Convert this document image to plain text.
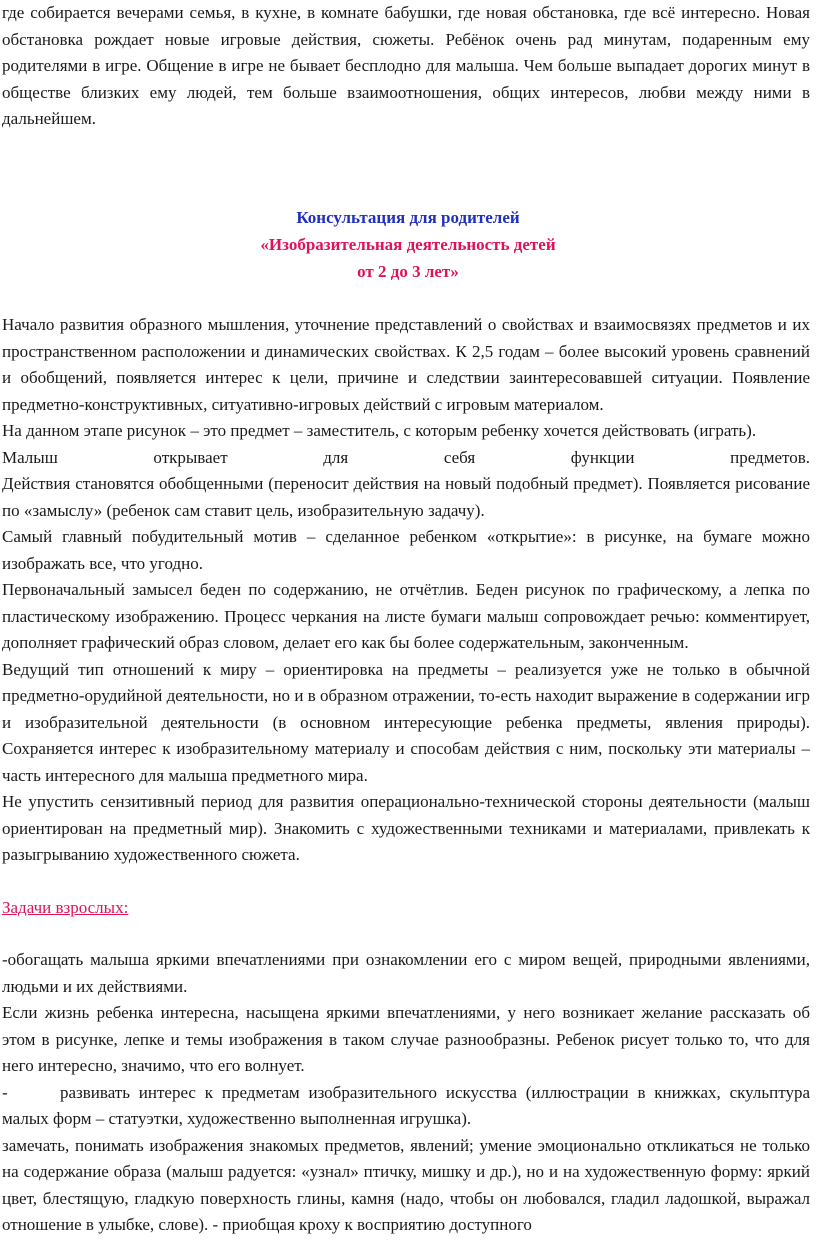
где собирается вечерами семья, в кухне, в комнате бабушки, где новая обстановка, где всё интересно. Новая обстановка рождает новые игровые действия, сюжеты. Ребёнок очень рад минутам, подаренным ему родителями в игре. Общение в игре не бывает бесплодно для малыша. Чем больше выпадает дорогих минут в обществе близких ему людей, тем больше взаимоотношения, общих интересов, любви между ними в дальнейшем.

Консультация для родителей
«Изобразительная деятельность детей
от 2 до 3 лет»

Начало развития образного мышления, уточнение представлений о свойствах и взаимосвязях предметов и их пространственном расположении и динамических свойствах. К 2,5 годам – более высокий уровень сравнений и обобщений, появляется интерес к цели, причине и следствии заинтересовавшей ситуации. Появление предметно-конструктивных, ситуативно-игровых действий с игровым материалом.

На данном этапе рисунок – это предмет – заместитель, с которым ребенку хочется действовать (играть).

Малыш	открывает	для	себя	функции	предметов.

Действия становятся обобщенными (переносит действия на новый подобный предмет). Появляется рисование по «замыслу» (ребенок сам ставит цель, изобразительную задачу).

Самый главный побудительный мотив – сделанное ребенком «открытие»: в рисунке, на бумаге можно изображать все, что угодно.

Первоначальный замысел беден по содержанию, не отчётлив. Беден рисунок по графическому, а лепка по пластическому изображению. Процесс черкания на листе бумаги малыш сопровождает речью: комментирует, дополняет графический образ словом, делает его как бы более содержательным, законченным.

Ведущий тип отношений к миру – ориентировка на предметы – реализуется уже не только в обычной предметно-орудийной деятельности, но и в образном отражении, то-есть находит выражение в содержании игр и изобразительной деятельности (в основном интересующие ребенка предметы, явления природы). Сохраняется интерес к изобразительному материалу и способам действия с ним, поскольку эти материалы – часть интересного для малыша предметного мира.

Не упустить сензитивный период для развития операционально-технической стороны деятельности (малыш ориентирован на предметный мир). Знакомить с художественными техниками и материалами, привлекать к разыгрыванию художественного сюжета.

Задачи взрослых:

-обогащать малыша яркими впечатлениями при ознакомлении его с миром вещей, природными явлениями, людьми и их действиями.

Если жизнь ребенка интересна, насыщена яркими впечатлениями, у него возникает желание рассказать об этом в рисунке, лепке и темы изображения в таком случае разнообразны. Ребенок рисует только то, что для него интересно, значимо, что его волнует.

-	развивать интерес к предметам изобразительного искусства (иллюстрации в книжках, скульптура малых форм – статуэтки, художественно выполненная игрушка).

замечать, понимать изображения знакомых предметов, явлений; умение эмоционально откликаться не только на содержание образа (малыш радуется: «узнал» птичку, мишку и др.), но и на художественную форму: яркий цвет, блестящую, гладкую поверхность глины, камня (надо, чтобы он любовался, гладил ладошкой, выражал отношение в улыбке, слове). - приобщая кроху к восприятию доступного
